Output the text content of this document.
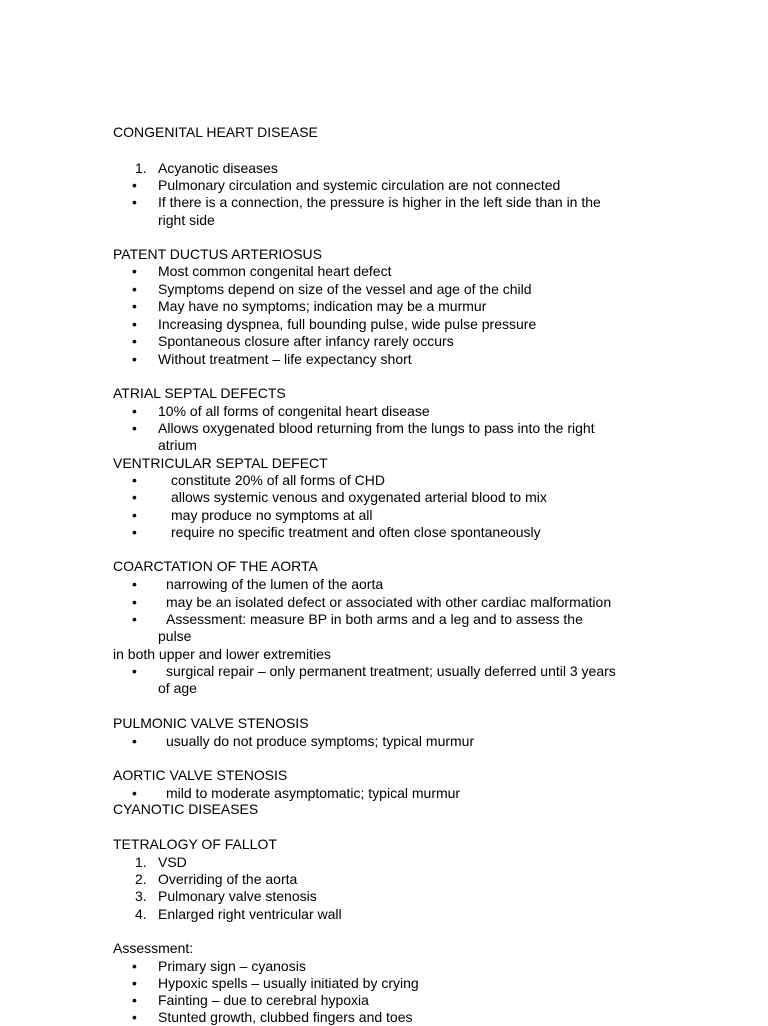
CONGENITAL HEART DISEASE
1. Acyanotic diseases
• Pulmonary circulation and systemic circulation are not connected
• If there is a connection, the pressure is higher in the left side than in the
right side
PATENT DUCTUS ARTERIOSUS
• Most common congenital heart defect
• Symptoms depend on size of the vessel and age of the child
• May have no symptoms; indication may be a murmur
• Increasing dyspnea, full bounding pulse, wide pulse pressure
• Spontaneous closure after infancy rarely occurs
• Without treatment – life expectancy short
ATRIAL SEPTAL DEFECTS
• 10% of all forms of congenital heart disease
• Allows oxygenated blood returning from the lungs to pass into the right
atrium
VENTRICULAR SEPTAL DEFECT
• constitute 20% of all forms of CHD
• allows systemic venous and oxygenated arterial blood to mix
• may produce no symptoms at all
• require no specific treatment and often close spontaneously
COARCTATION OF THE AORTA
• narrowing of the lumen of the aorta
• may be an isolated defect or associated with other cardiac malformation
• Assessment: measure BP in both arms and a leg and to assess the
pulse
in both upper and lower extremities
• surgical repair – only permanent treatment; usually deferred until 3 years
of age
PULMONIC VALVE STENOSIS
• usually do not produce symptoms; typical murmur
AORTIC VALVE STENOSIS
• mild to moderate asymptomatic; typical murmur
CYANOTIC DISEASES
TETRALOGY OF FALLOT
1. VSD
2. Overriding of the aorta
3. Pulmonary valve stenosis
4. Enlarged right ventricular wall
Assessment:
• Primary sign – cyanosis
• Hypoxic spells – usually initiated by crying
• Fainting – due to cerebral hypoxia
• Stunted growth, clubbed fingers and toes
